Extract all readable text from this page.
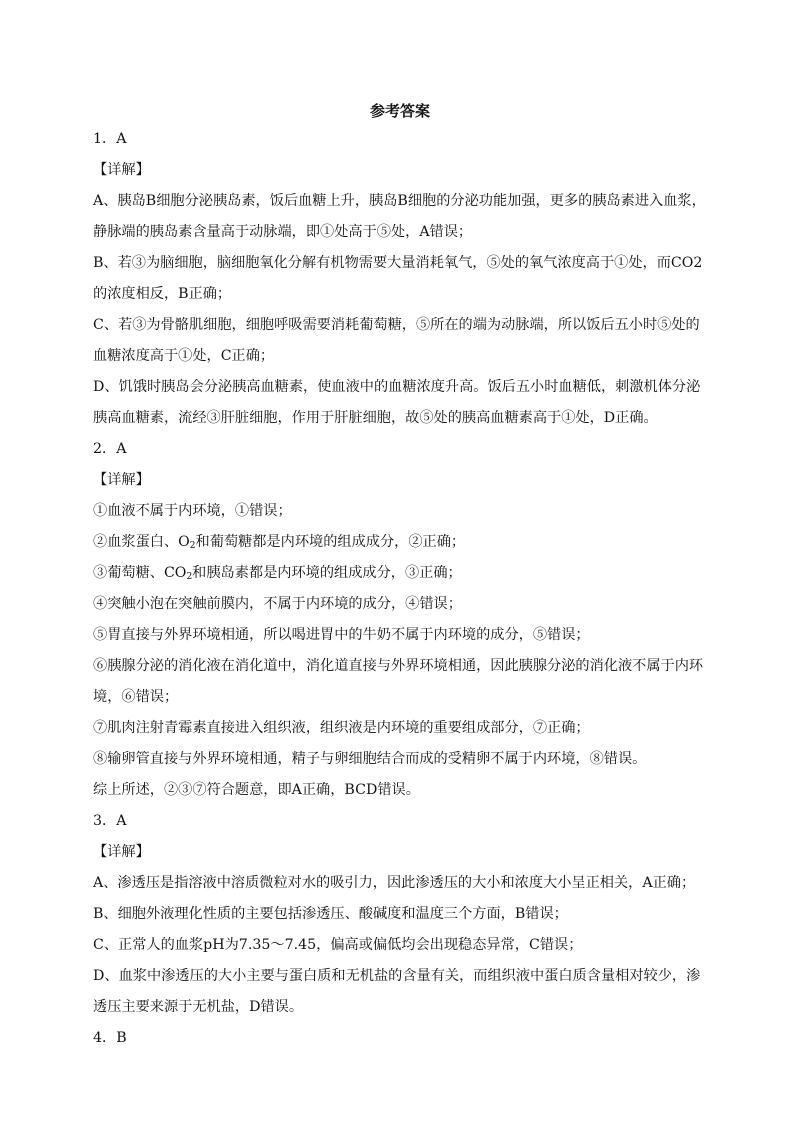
参考答案
1．A
【详解】
A、胰岛B细胞分泌胰岛素，饭后血糖上升，胰岛B细胞的分泌功能加强，更多的胰岛素进入血浆，
静脉端的胰岛素含量高于动脉端，即①处高于⑤处，A错误；
B、若③为脑细胞，脑细胞氧化分解有机物需要大量消耗氧气，⑤处的氧气浓度高于①处，而CO2
的浓度相反，B正确；
C、若③为骨骼肌细胞，细胞呼吸需要消耗葡萄糖，⑤所在的端为动脉端，所以饭后五小时⑤处的
血糖浓度高于①处，C正确；
D、饥饿时胰岛会分泌胰高血糖素，使血液中的血糖浓度升高。饭后五小时血糖低，刺激机体分泌
胰高血糖素，流经③肝脏细胞，作用于肝脏细胞，故⑤处的胰高血糖素高于①处，D正确。
2．A
【详解】
①血液不属于内环境，①错误；
②血浆蛋白、$O_2$和葡萄糖都是内环境的组成成分，②正确；
③葡萄糖、$CO_2$和胰岛素都是内环境的组成成分，③正确；
④突触小泡在突触前膜内，不属于内环境的成分，④错误；
⑤胃直接与外界环境相通，所以喝进胃中的牛奶不属于内环境的成分，⑤错误；
⑥胰腺分泌的消化液在消化道中，消化道直接与外界环境相通，因此胰腺分泌的消化液不属于内环
境，⑥错误；
⑦肌肉注射青霉素直接进入组织液，组织液是内环境的重要组成部分，⑦正确；
⑧输卵管直接与外界环境相通，精子与卵细胞结合而成的受精卵不属于内环境，⑧错误。
综上所述，②③⑦符合题意，即A正确，BCD错误。
3．A
【详解】
A、渗透压是指溶液中溶质微粒对水的吸引力，因此渗透压的大小和浓度大小呈正相关，A正确；
B、细胞外液理化性质的主要包括渗透压、酸碱度和温度三个方面，B错误；
C、正常人的血浆pH为7.35～7.45，偏高或偏低均会出现稳态异常，C错误；
D、血浆中渗透压的大小主要与蛋白质和无机盐的含量有关，而组织液中蛋白质含量相对较少，渗
透压主要来源于无机盐，D错误。
4．B
